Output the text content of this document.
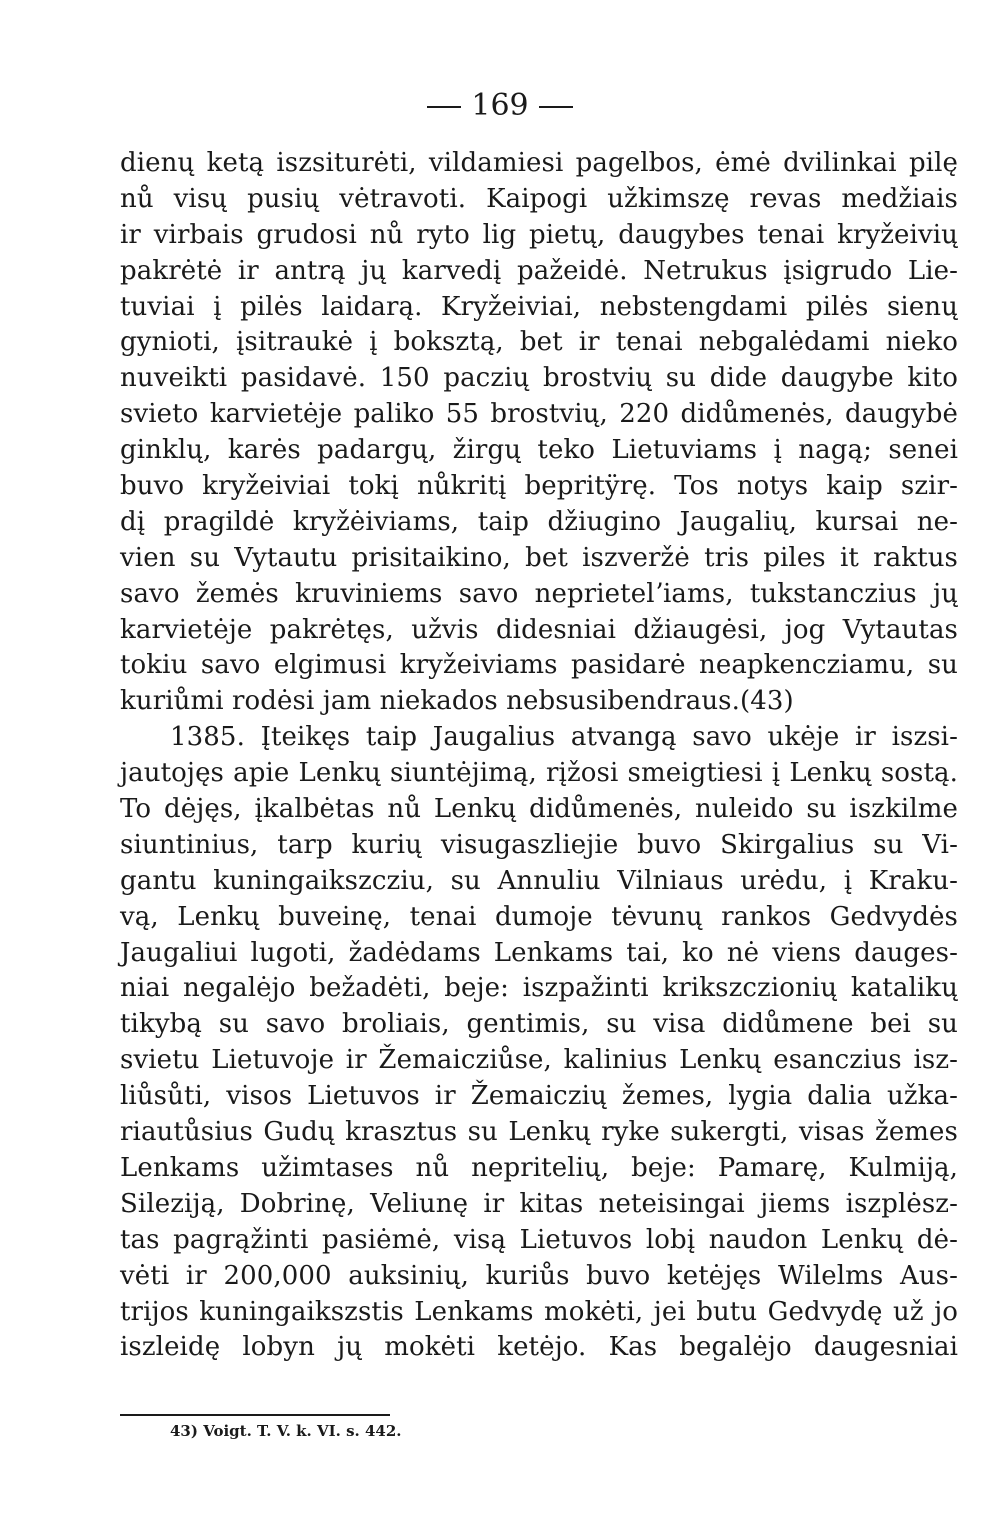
169
dienų ketą iszsiturėti, vildamiesi pagelbos, ėmė dvilinkai pilę
nů visų pusių vėtravoti. Kaipogi užkimszę revas medžiais
ir virbais grudosi nů ryto lig pietų, daugybes tenai kryžeivių
pakrėtė ir antrą jų karvedį pažeidė. Netrukus įsigrudo Lie-
tuviai į pilės laidarą. Kryžeiviai, nebstengdami pilės sienų
gynioti, įsitraukė į boksztą, bet ir tenai nebgalėdami nieko
nuveikti pasidavė. 150 paczių brostvių su dide daugybe kito
svieto karvietėje paliko 55 brostvių, 220 didůmenės, daugybė
ginklų, karės padargų, žirgų teko Lietuviams į nagą; senei
buvo kryžeiviai tokį nůkritį bepritÿrę. Tos notys kaip szir-
dį pragildė kryžėiviams, taip džiugino Jaugalių, kursai ne-
vien su Vytautu prisitaikino, bet iszveržė tris piles it raktus
savo žemės kruviniems savo neprietelʼiams, tukstanczius jų
karvietėje pakrėtęs, užvis didesniai džiaugėsi, jog Vytautas
tokiu savo elgimusi kryžeiviams pasidarė neapkencziamu, su
kuriůmi rodėsi jam niekados nebsusibendraus.(43)
1385. Įteikęs taip Jaugalius atvangą savo ukėje ir iszsi-
jautojęs apie Lenkų siuntėjimą, rįžosi smeigtiesi į Lenkų sostą.
To dėjęs, įkalbėtas nů Lenkų didůmenės, nuleido su iszkilme
siuntinius, tarp kurių visugaszliejie buvo Skirgalius su Vi-
gantu kuningaikszcziu, su Annuliu Vilniaus urėdu, į Kraku-
vą, Lenkų buveinę, tenai dumoje tėvunų rankos Gedvydės
Jaugaliui lugoti, žadėdams Lenkams tai, ko nė viens dauges-
niai negalėjo bežadėti, beje: iszpažinti krikszczionių katalikų
tikybą su savo broliais, gentimis, su visa didůmene bei su
svietu Lietuvoje ir Žemaicziůse, kalinius Lenkų esanczius isz-
liůsůti, visos Lietuvos ir Žemaiczių žemes, lygia dalia užka-
riautůsius Gudų krasztus su Lenkų ryke sukergti, visas žemes
Lenkams užimtases nů nepritelių, beje: Pamarę, Kulmiją,
Sileziją, Dobrinę, Veliunę ir kitas neteisingai jiems iszplėsz-
tas pagrąžinti pasiėmė, visą Lietuvos lobį naudon Lenkų dė-
vėti ir 200,000 auksinių, kuriůs buvo ketėjęs Wilelms Aus-
trijos kuningaikszstis Lenkams mokėti, jei butu Gedvydę už jo
iszleidę lobyn jų mokėti ketėjo. Kas begalėjo daugesniai
43) Voigt. T. V. k. VI. s. 442.
